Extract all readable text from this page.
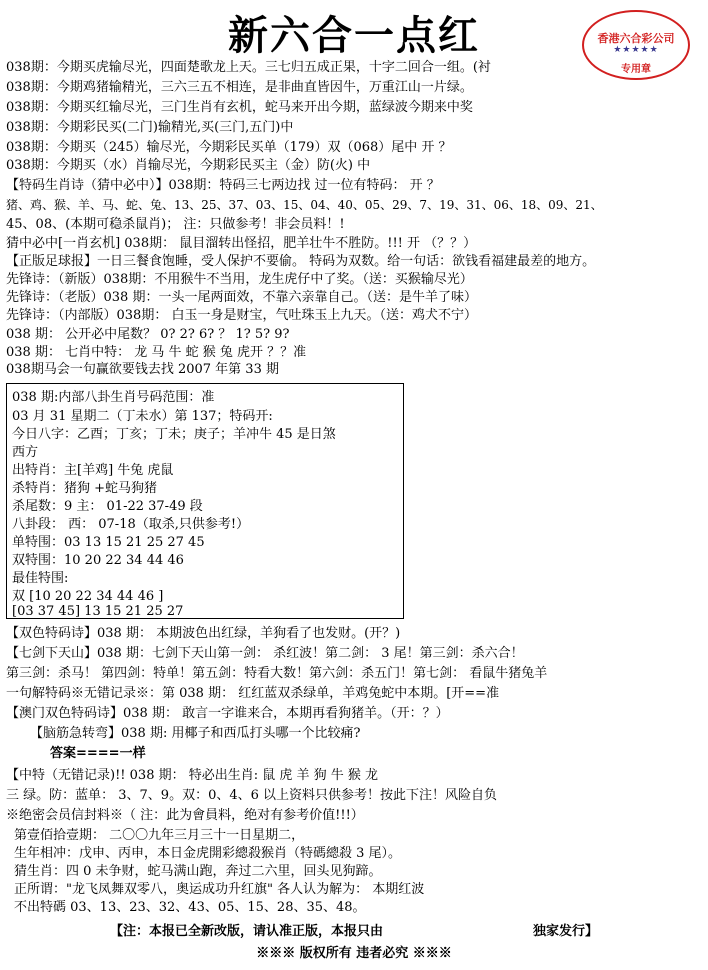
新六合一点红	香港六合彩公司
★★★★★
专用章
038期：今期买虎输尽光，四面楚歌龙上天。三七归五成正果，十字二回合一组。(衬
038期：今期鸡猪输精光，三六三五不相连，是非曲直皆因牛，万重江山一片绿。
038期：今期买红输尽光，三门生肖有玄机，蛇马来开出今期，蓝绿波今期来中奖
038期：今期彩民买(二门)输精光,买(三门,五门)中
038期：今期买（245）输尽光，今期彩民买单（179）双（068）尾中 开 ？
038期：今期买（水）肖输尽光，今期彩民买主（金）防(火) 中
【特码生肖诗（猜中必中）】038期：特码三七两边找 过一位有特码： 开 ？
猪、鸡、猴、羊、马、蛇、兔、13、25、37、03、15、04、40、05、29、7、19、31、06、18、09、21、
45、08、(本期可稳杀鼠肖)； 注：只做参考！非会员料！!
猜中必中[一肖玄机] 038期： 鼠目溜转出怪招，肥羊壮牛不胜防。!!! 开 （？？）
【正版足球报】一日三餐食饱睡，受人保护不要偷。 特码为双数。给一句话：欲钱看福建最差的地方。
先锋诗：（新版）038期：不用猴牛不当用，龙生虎仔中了奖。（送：买猴输尽光）
先锋诗：（老版）038 期：一头一尾两面效，不靠六亲靠自己。（送：是牛羊了味）
先锋诗：（内部版）038期： 白玉一身是财宝，气吐珠玉上九天。（送：鸡犬不宁）
038 期： 公开必中尾数？ 0? 2? 6? ？ 1? 5? 9?
038 期： 七肖中特： 龙 马 牛 蛇 猴 兔 虎开 ？？准
038期马会一句赢欲要钱去找 2007 年第 33 期
038 期:内部八卦生肖号码范围：准
03 月 31 星期二（丁未水）第 137；特码开:
今日八字：乙酉；丁亥；丁未；庚子；羊冲牛 45 是日煞
西方
出特肖：主[羊鸡] 牛兔 虎鼠
杀特肖：猪狗 +蛇马狗猪
杀尾数：9 主： 01-22 37-49 段
八卦段： 西： 07-18（取杀,只供参考!）
单特围：03 13 15 21 25 27 45
双特围：10 20 22 34 44 46
最佳特围:
双 [10 20 22 34 44 46 ]
[03 37 45] 13 15 21 25 27
【双色特码诗】038 期： 本期波色出红绿，羊狗看了也发财。(开？)
【七剑下天山】038 期：七剑下天山第一剑： 杀红波！第二剑： 3 尾！第三剑：杀六合！
第三剑：杀马！ 第四剑：特单！第五剑：特看大数！第六剑：杀五门！第七剑： 看鼠牛猪兔羊
一句解特码※无错记录※：第 038 期： 红红蓝双杀绿单，羊鸡兔蛇中本期。[开==准
【澳门双色特码诗】038 期： 敢言一字谁来合，本期再看狗猪羊。（开：？）
【脑筋急转弯】038 期: 用椰子和西瓜打头哪一个比较痛?
答案====一样
【中特（无错记录)!! 038 期： 特必出生肖: 鼠 虎 羊 狗 牛 猴 龙
三 绿。防：蓝单： 3、7、9。双：0、4、6 以上资料只供参考！按此下注！风险自负
※绝密会员信封料※（ 注：此为會員料，绝对有参考价值!!!）
第壹佰拾壹期： 二〇〇九年三月三十一日星期二，
生年相冲：戊申、丙申，本日金虎開彩總殺猴肖（特碼總殺 3 尾）。
猜生肖：四 0 未争财，蛇马满山跑，奔过二六里，回头见狗蹄。
正所谓："龙飞凤舞双零八，奥运成功升红旗" 各人认为解为： 本期红波
不出特碼 03、13、23、32、43、05、15、28、35、48。
【注：本报已全新改版，请认准正版，本报只由	独家发行】
※※※ 版权所有 违者必究 ※※※
